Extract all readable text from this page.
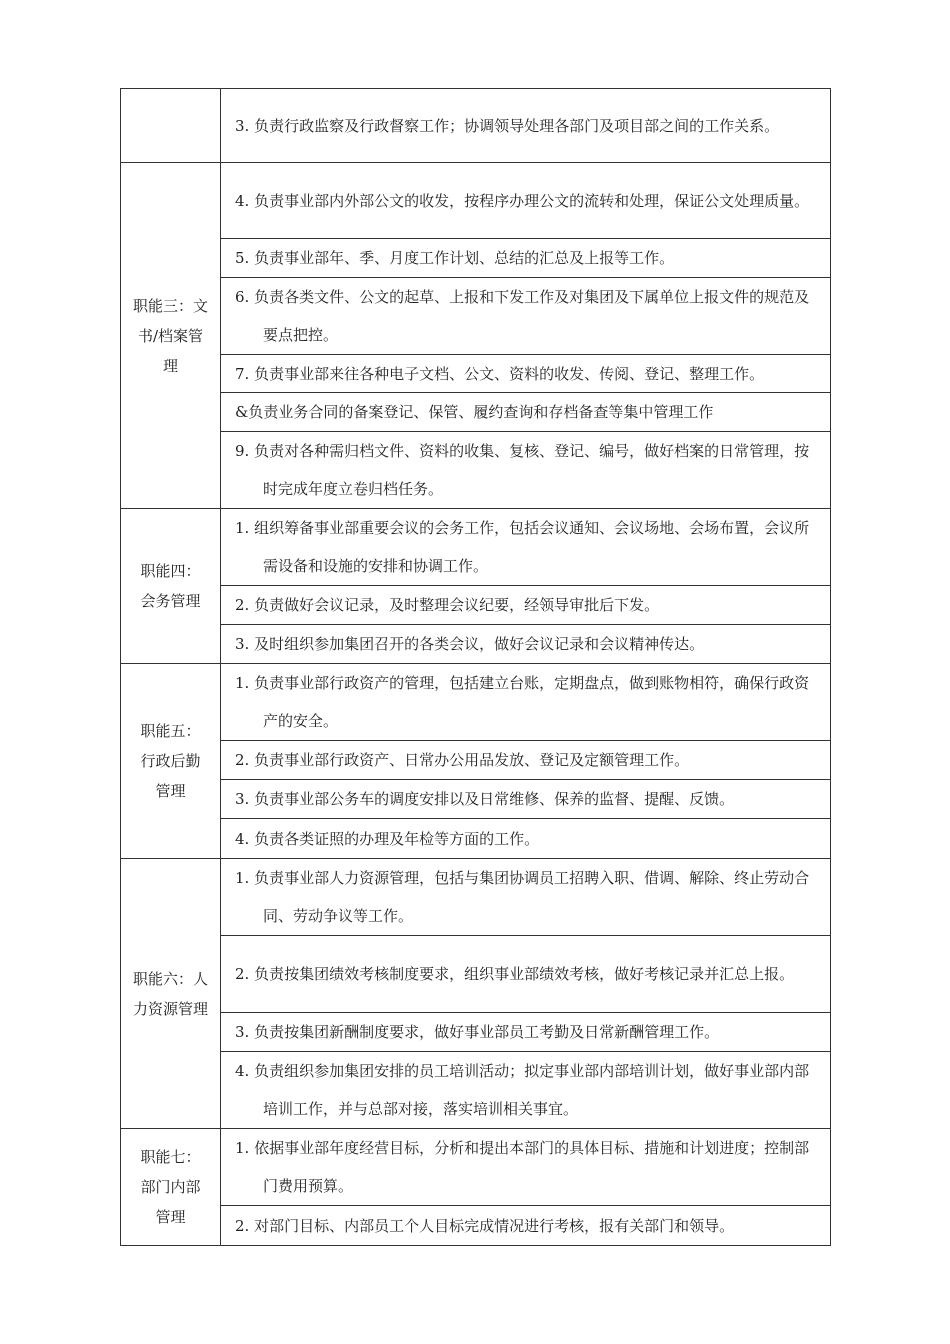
	3. 负责行政监察及行政督察工作；协调领导处理各部门及项目部之间的工作关系。

职能三：文
书/档案管
理	4. 负责事业部内外部公文的收发，按程序办理公文的流转和处理，保证公文处理质量。

	5. 负责事业部年、季、月度工作计划、总结的汇总及上报等工作。

	6. 负责各类文件、公文的起草、上报和下发工作及对集团及下属单位上报文件的规范及要点把控。

	7. 负责事业部来往各种电子文档、公文、资料的收发、传阅、登记、整理工作。

	&负责业务合同的备案登记、保管、履约查询和存档备查等集中管理工作

	9. 负责对各种需归档文件、资料的收集、复核、登记、编号，做好档案的日常管理，按时完成年度立卷归档任务。

职能四：
会务管理	1. 组织筹备事业部重要会议的会务工作，包括会议通知、会议场地、会场布置，会议所需设备和设施的安排和协调工作。

	2. 负责做好会议记录，及时整理会议纪要，经领导审批后下发。

	3. 及时组织参加集团召开的各类会议，做好会议记录和会议精神传达。

职能五：
行政后勤
管理	1. 负责事业部行政资产的管理，包括建立台账，定期盘点，做到账物相符，确保行政资产的安全。

	2. 负责事业部行政资产、日常办公用品发放、登记及定额管理工作。

	3. 负责事业部公务车的调度安排以及日常维修、保养的监督、提醒、反馈。

	4. 负责各类证照的办理及年检等方面的工作。

职能六：人
力资源管理	1. 负责事业部人力资源管理，包括与集团协调员工招聘入职、借调、解除、终止劳动合同、劳动争议等工作。

	2. 负责按集团绩效考核制度要求，组织事业部绩效考核，做好考核记录并汇总上报。

	3. 负责按集团新酬制度要求，做好事业部员工考勤及日常新酬管理工作。

	4. 负责组织参加集团安排的员工培训活动；拟定事业部内部培训计划，做好事业部内部培训工作，并与总部对接，落实培训相关事宜。

职能七：
部门内部
管理	1. 依据事业部年度经营目标，分析和提出本部门的具体目标、措施和计划进度；控制部门费用预算。

	2. 对部门目标、内部员工个人目标完成情况进行考核，报有关部门和领导。
